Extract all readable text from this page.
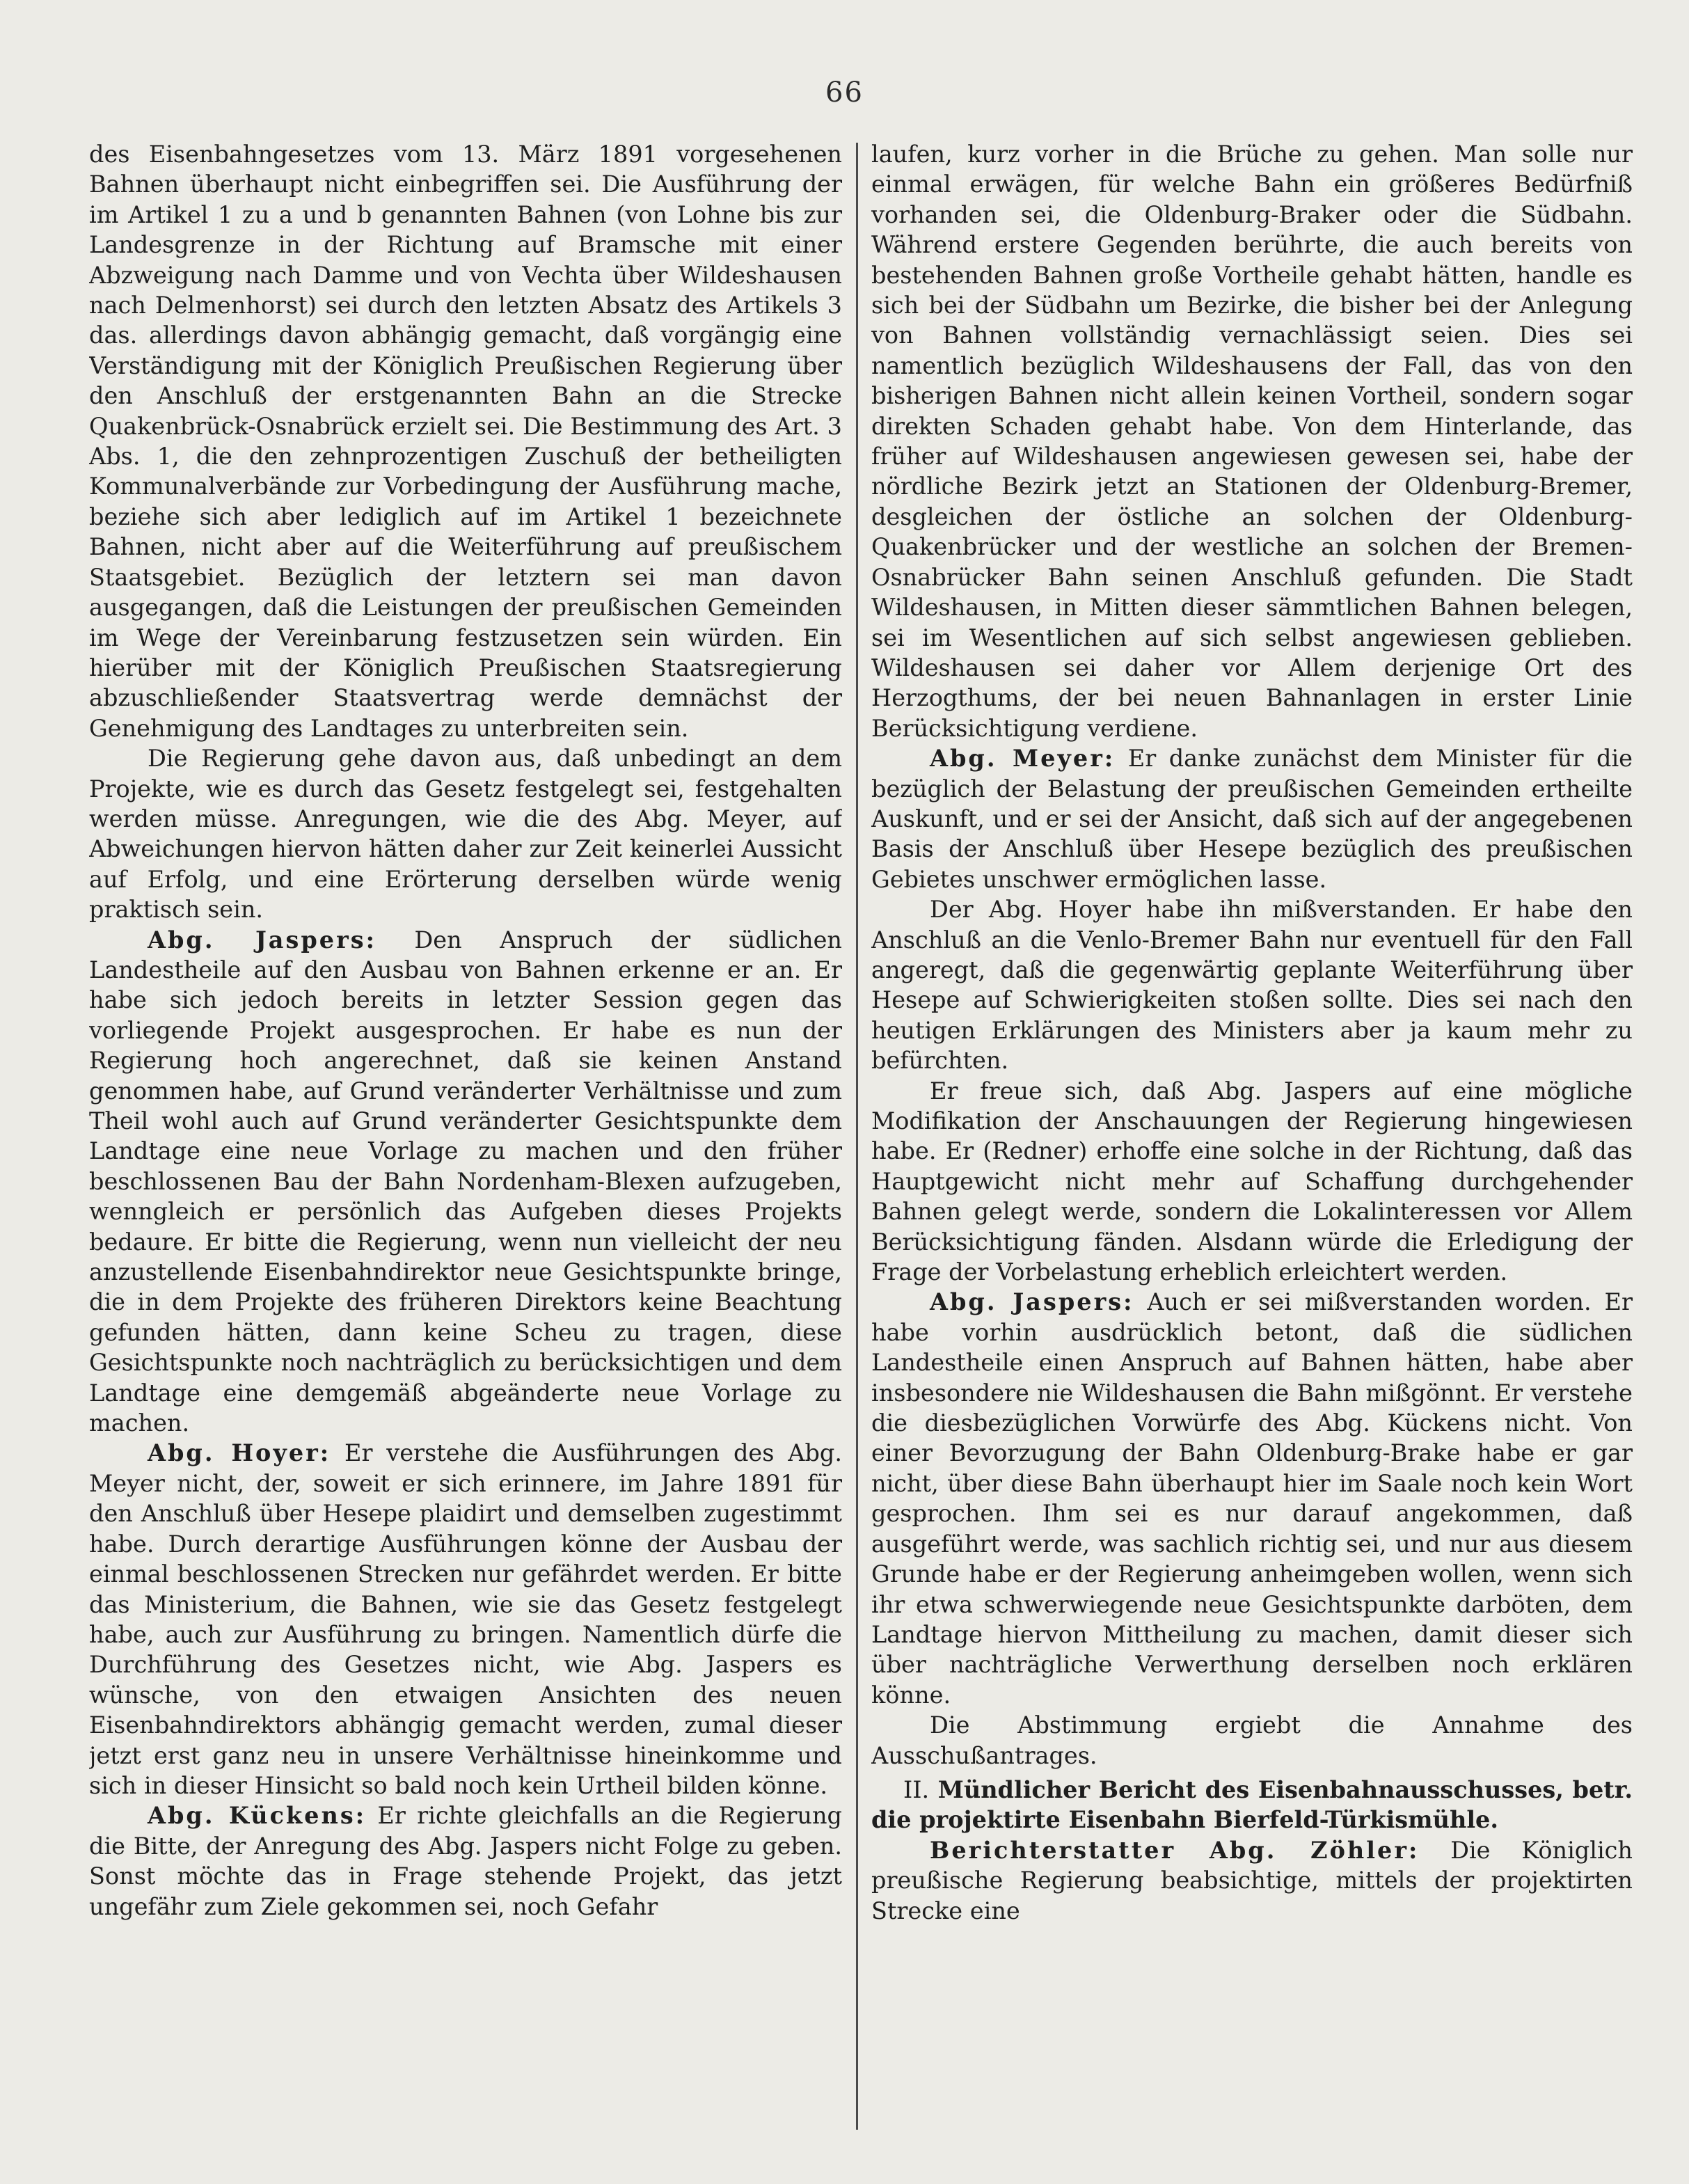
66

des Eisenbahngesetzes vom 13. März 1891 vorgesehenen Bahnen überhaupt nicht einbegriffen sei. Die Ausführung der im Artikel 1 zu a und b genannten Bahnen (von Lohne bis zur Landesgrenze in der Richtung auf Bramsche mit einer Abzweigung nach Damme und von Vechta über Wildeshausen nach Delmenhorst) sei durch den letzten Absatz des Artikels 3 das. allerdings davon abhängig gemacht, daß vorgängig eine Verständigung mit der Königlich Preußischen Regierung über den Anschluß der erstgenannten Bahn an die Strecke Quakenbrück-Osnabrück erzielt sei. Die Bestimmung des Art. 3 Abs. 1, die den zehnprozentigen Zuschuß der betheiligten Kommunalverbände zur Vorbedingung der Ausführung mache, beziehe sich aber lediglich auf im Artikel 1 bezeichnete Bahnen, nicht aber auf die Weiterführung auf preußischem Staatsgebiet. Bezüglich der letztern sei man davon ausgegangen, daß die Leistungen der preußischen Gemeinden im Wege der Vereinbarung festzusetzen sein würden. Ein hierüber mit der Königlich Preußischen Staatsregierung abzuschließender Staatsvertrag werde demnächst der Genehmigung des Landtages zu unterbreiten sein.

Die Regierung gehe davon aus, daß unbedingt an dem Projekte, wie es durch das Gesetz festgelegt sei, festgehalten werden müsse. Anregungen, wie die des Abg. Meyer, auf Abweichungen hiervon hätten daher zur Zeit keinerlei Aussicht auf Erfolg, und eine Erörterung derselben würde wenig praktisch sein.

Abg. Jaspers: Den Anspruch der südlichen Landestheile auf den Ausbau von Bahnen erkenne er an. Er habe sich jedoch bereits in letzter Session gegen das vorliegende Projekt ausgesprochen. Er habe es nun der Regierung hoch angerechnet, daß sie keinen Anstand genommen habe, auf Grund veränderter Verhältnisse und zum Theil wohl auch auf Grund veränderter Gesichtspunkte dem Landtage eine neue Vorlage zu machen und den früher beschlossenen Bau der Bahn Nordenham-Blexen aufzugeben, wenngleich er persönlich das Aufgeben dieses Projekts bedaure. Er bitte die Regierung, wenn nun vielleicht der neu anzustellende Eisenbahndirektor neue Gesichtspunkte bringe, die in dem Projekte des früheren Direktors keine Beachtung gefunden hätten, dann keine Scheu zu tragen, diese Gesichtspunkte noch nachträglich zu berücksichtigen und dem Landtage eine demgemäß abgeänderte neue Vorlage zu machen.

Abg. Hoyer: Er verstehe die Ausführungen des Abg. Meyer nicht, der, soweit er sich erinnere, im Jahre 1891 für den Anschluß über Hesepe plaidirt und demselben zugestimmt habe. Durch derartige Ausführungen könne der Ausbau der einmal beschlossenen Strecken nur gefährdet werden. Er bitte das Ministerium, die Bahnen, wie sie das Gesetz festgelegt habe, auch zur Ausführung zu bringen. Namentlich dürfe die Durchführung des Gesetzes nicht, wie Abg. Jaspers es wünsche, von den etwaigen Ansichten des neuen Eisenbahndirektors abhängig gemacht werden, zumal dieser jetzt erst ganz neu in unsere Verhältnisse hineinkomme und sich in dieser Hinsicht so bald noch kein Urtheil bilden könne.

Abg. Kückens: Er richte gleichfalls an die Regierung die Bitte, der Anregung des Abg. Jaspers nicht Folge zu geben. Sonst möchte das in Frage stehende Projekt, das jetzt ungefähr zum Ziele gekommen sei, noch Gefahr

laufen, kurz vorher in die Brüche zu gehen. Man solle nur einmal erwägen, für welche Bahn ein größeres Bedürfniß vorhanden sei, die Oldenburg-Braker oder die Südbahn. Während erstere Gegenden berührte, die auch bereits von bestehenden Bahnen große Vortheile gehabt hätten, handle es sich bei der Südbahn um Bezirke, die bisher bei der Anlegung von Bahnen vollständig vernachlässigt seien. Dies sei namentlich bezüglich Wildeshausens der Fall, das von den bisherigen Bahnen nicht allein keinen Vortheil, sondern sogar direkten Schaden gehabt habe. Von dem Hinterlande, das früher auf Wildeshausen angewiesen gewesen sei, habe der nördliche Bezirk jetzt an Stationen der Oldenburg-Bremer, desgleichen der östliche an solchen der Oldenburg-Quakenbrücker und der westliche an solchen der Bremen-Osnabrücker Bahn seinen Anschluß gefunden. Die Stadt Wildeshausen, in Mitten dieser sämmtlichen Bahnen belegen, sei im Wesentlichen auf sich selbst angewiesen geblieben. Wildeshausen sei daher vor Allem derjenige Ort des Herzogthums, der bei neuen Bahnanlagen in erster Linie Berücksichtigung verdiene.

Abg. Meyer: Er danke zunächst dem Minister für die bezüglich der Belastung der preußischen Gemeinden ertheilte Auskunft, und er sei der Ansicht, daß sich auf der angegebenen Basis der Anschluß über Hesepe bezüglich des preußischen Gebietes unschwer ermöglichen lasse.

Der Abg. Hoyer habe ihn mißverstanden. Er habe den Anschluß an die Venlo-Bremer Bahn nur eventuell für den Fall angeregt, daß die gegenwärtig geplante Weiterführung über Hesepe auf Schwierigkeiten stoßen sollte. Dies sei nach den heutigen Erklärungen des Ministers aber ja kaum mehr zu befürchten.

Er freue sich, daß Abg. Jaspers auf eine mögliche Modifikation der Anschauungen der Regierung hingewiesen habe. Er (Redner) erhoffe eine solche in der Richtung, daß das Hauptgewicht nicht mehr auf Schaffung durchgehender Bahnen gelegt werde, sondern die Lokalinteressen vor Allem Berücksichtigung fänden. Alsdann würde die Erledigung der Frage der Vorbelastung erheblich erleichtert werden.

Abg. Jaspers: Auch er sei mißverstanden worden. Er habe vorhin ausdrücklich betont, daß die südlichen Landestheile einen Anspruch auf Bahnen hätten, habe aber insbesondere nie Wildeshausen die Bahn mißgönnt. Er verstehe die diesbezüglichen Vorwürfe des Abg. Kückens nicht. Von einer Bevorzugung der Bahn Oldenburg-Brake habe er gar nicht, über diese Bahn überhaupt hier im Saale noch kein Wort gesprochen. Ihm sei es nur darauf angekommen, daß ausgeführt werde, was sachlich richtig sei, und nur aus diesem Grunde habe er der Regierung anheimgeben wollen, wenn sich ihr etwa schwerwiegende neue Gesichtspunkte darböten, dem Landtage hiervon Mittheilung zu machen, damit dieser sich über nachträgliche Verwerthung derselben noch erklären könne.

Die Abstimmung ergiebt die Annahme des Ausschußantrages.

II. Mündlicher Bericht des Eisenbahnausschusses, betr. die projektirte Eisenbahn Bierfeld-Türkismühle.

Berichterstatter Abg. Zöhler: Die Königlich preußische Regierung beabsichtige, mittels der projektirten Strecke eine
